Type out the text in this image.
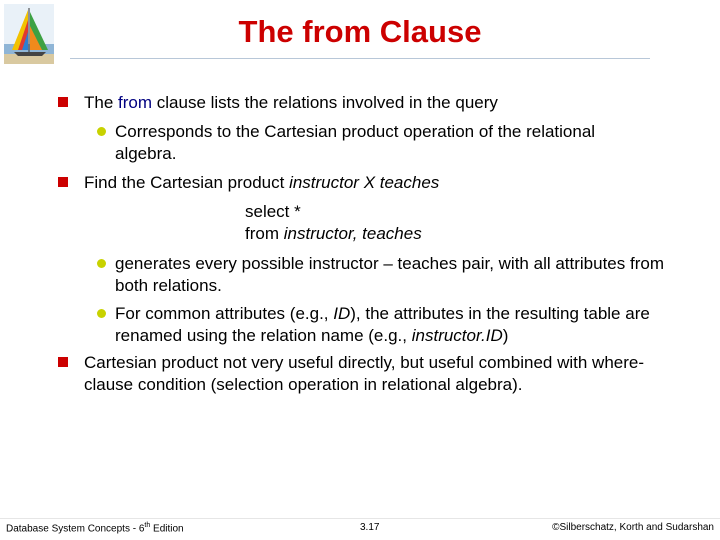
The from Clause
The from clause lists the relations involved in the query
Corresponds to the Cartesian product operation of the relational algebra.
Find the Cartesian product instructor X teaches
select *
from instructor, teaches
generates every possible instructor – teaches pair, with all attributes from both relations.
For common attributes (e.g., ID), the attributes in the resulting table are renamed using the relation name (e.g., instructor.ID)
Cartesian product not very useful directly, but useful combined with where-clause condition (selection operation in relational algebra).
Database System Concepts - 6th Edition	3.17	©Silberschatz, Korth and Sudarshan
